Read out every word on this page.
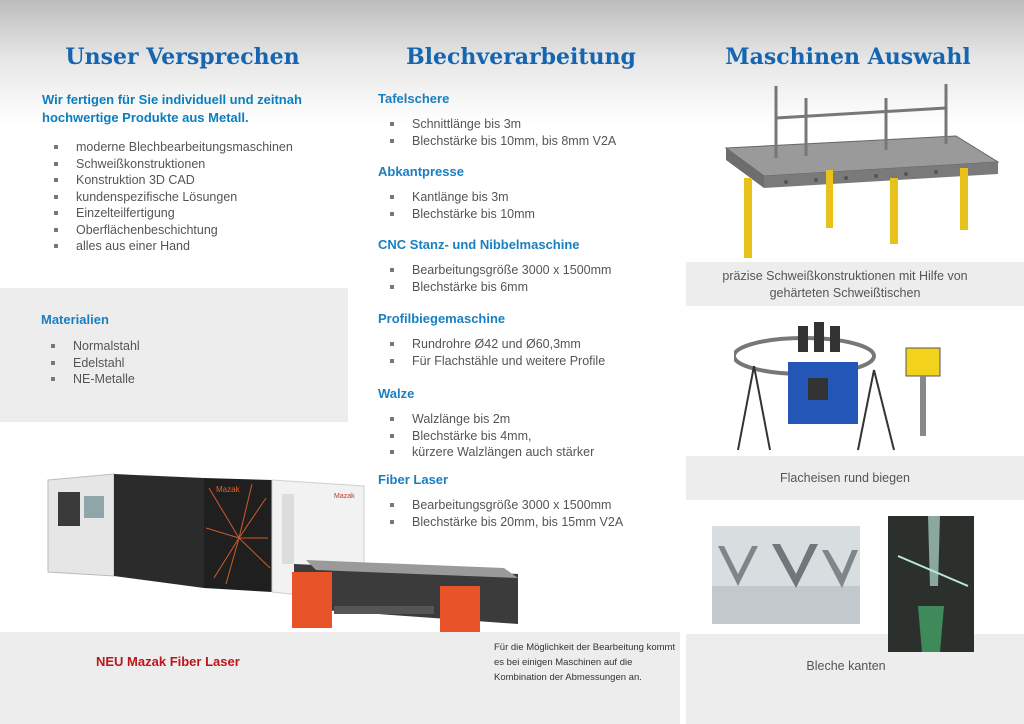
Unser Versprechen
Wir fertigen für Sie individuell und zeitnah hochwertige Produkte aus Metall.
moderne Blechbearbeitungsmaschinen
Schweißkonstruktionen
Konstruktion 3D CAD
kundenspezifische Lösungen
Einzelteilfertigung
Oberflächenbeschichtung
alles aus einer Hand
Materialien
Normalstahl
Edelstahl
NE-Metalle
Mazak
Mazak
NEU Mazak Fiber Laser
Blechverarbeitung
Tafelschere
Schnittlänge bis 3m
Blechstärke bis 10mm, bis 8mm V2A
Abkantpresse
Kantlänge bis 3m
Blechstärke bis 10mm
CNC Stanz- und Nibbelmaschine
Bearbeitungsgröße 3000 x 1500mm
Blechstärke bis 6mm
Profilbiegemaschine
Rundrohre Ø42 und Ø60,3mm
Für Flachstähle und weitere Profile
Walze
Walzlänge bis 2m
Blechstärke bis 4mm,
kürzere Walzlängen auch stärker
Fiber Laser
Bearbeitungsgröße 3000 x 1500mm
Blechstärke bis 20mm, bis 15mm V2A
Für die Möglichkeit der Bearbeitung kommt es bei einigen Maschinen auf die Kombination der Abmessungen an.
Maschinen Auswahl
präzise Schweißkonstruktionen mit Hilfe von gehärteten Schweißtischen
Flacheisen rund biegen
Bleche kanten
